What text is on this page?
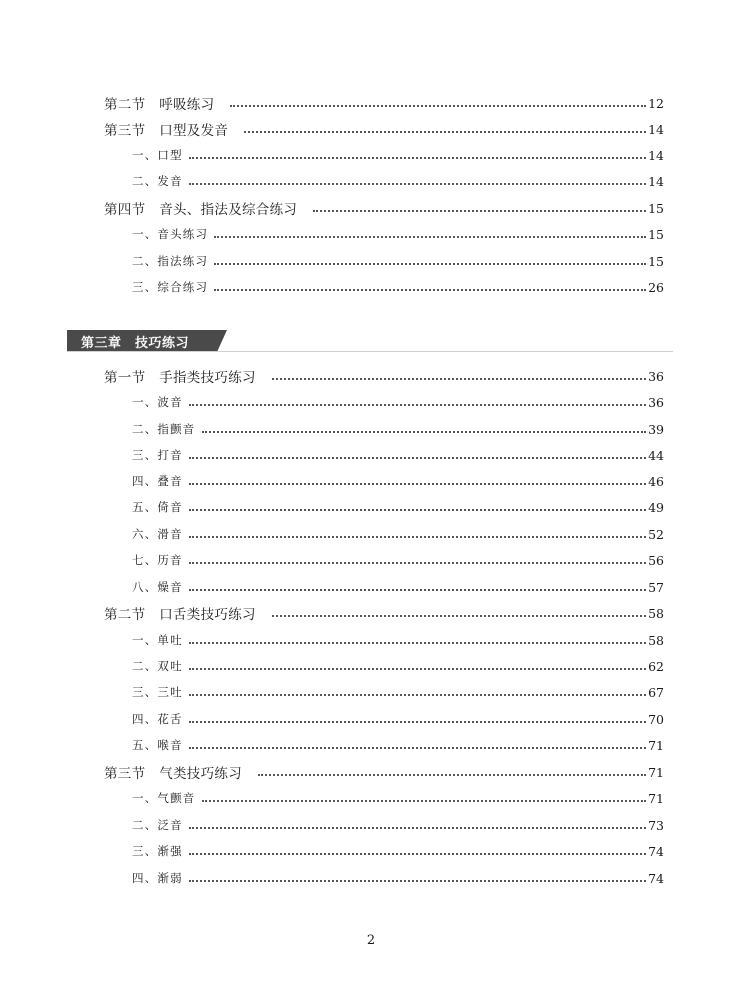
第二节　呼吸练习	12
第三节　口型及发音	14
一、口型	14
二、发音	14
第四节　音头、指法及综合练习	15
一、音头练习	15
二、指法练习	15
三、综合练习	26
第三章　技巧练习
第一节　手指类技巧练习	36
一、波音	36
二、指颤音	39
三、打音	44
四、叠音	46
五、倚音	49
六、滑音	52
七、历音	56
八、燥音	57
第二节　口舌类技巧练习	58
一、单吐	58
二、双吐	62
三、三吐	67
四、花舌	70
五、喉音	71
第三节　气类技巧练习	71
一、气颤音	71
二、泛音	73
三、渐强	74
四、渐弱	74
2
